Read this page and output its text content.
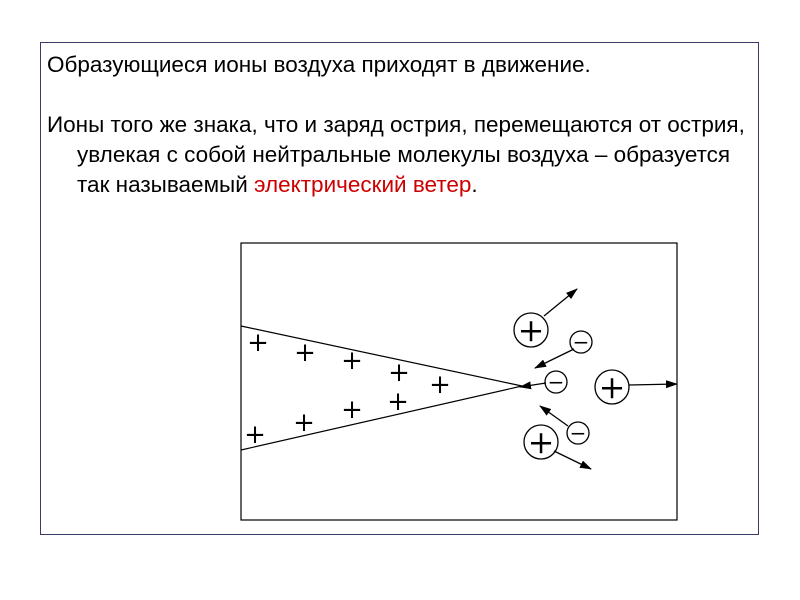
Образующиеся ионы воздуха приходят в движение.

Ионы того же знака, что и заряд острия, перемещаются от острия, увлекая с собой нейтральные молекулы воздуха – образуется так называемый электрический ветер.

+ + + + +
+ + + +
+
+
+
−
−
−
